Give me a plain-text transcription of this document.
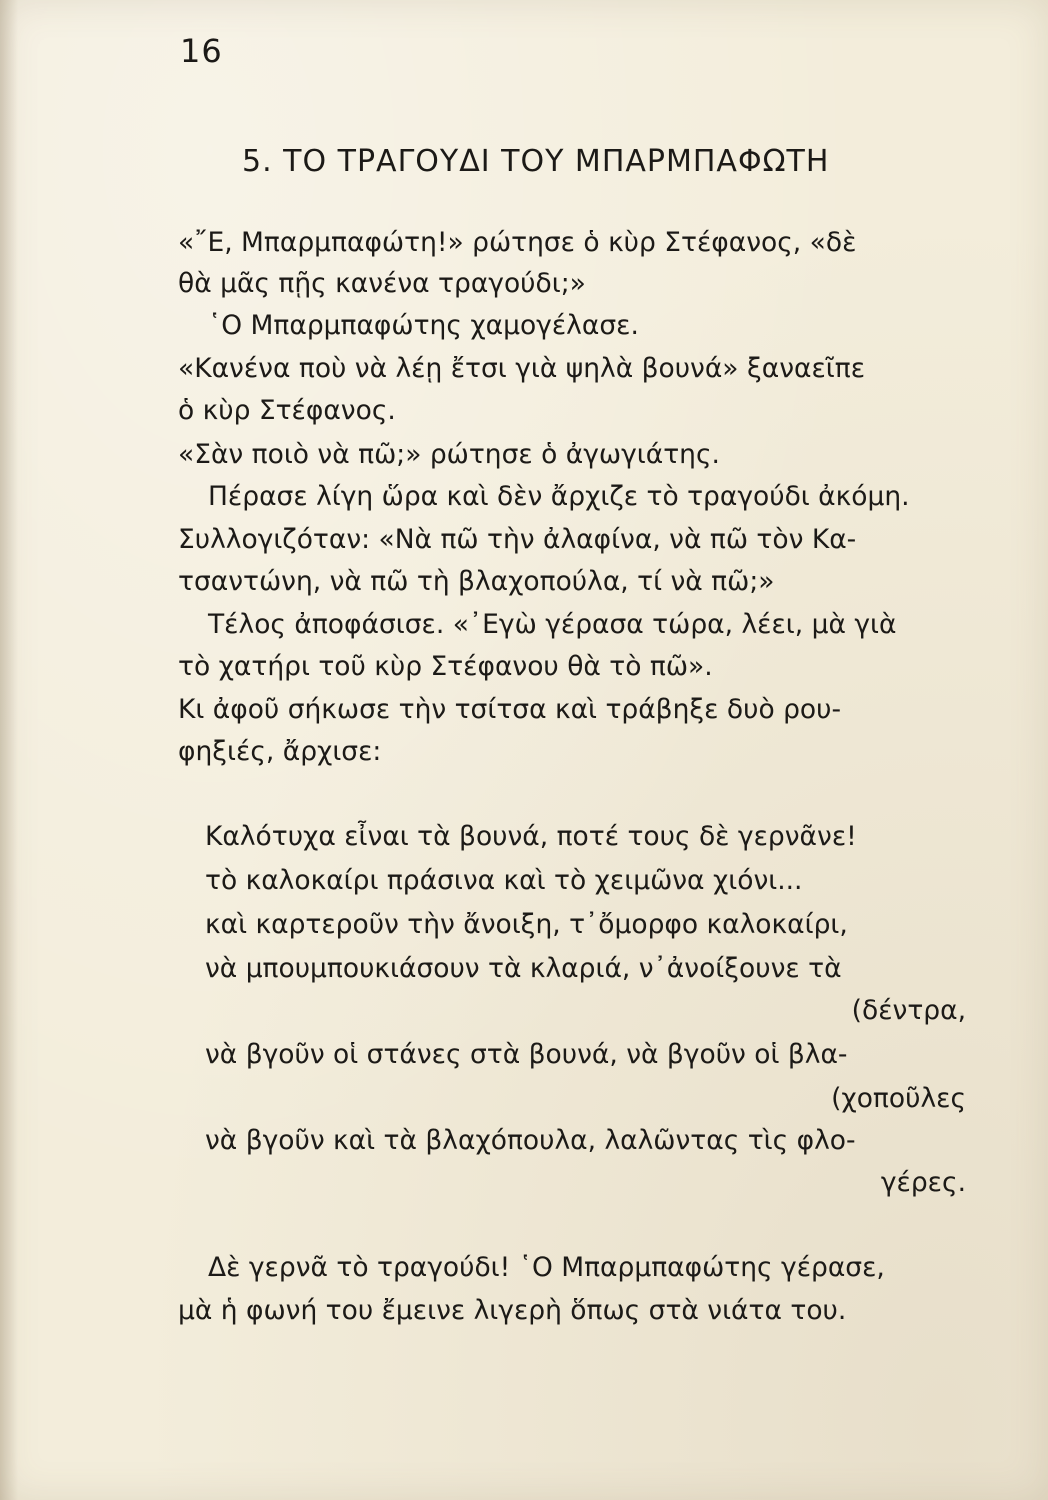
16
5. ΤΟ ΤΡΑΓΟΥΔΙ ΤΟΥ ΜΠΑΡΜΠΑΦΩΤΗ
«῎Ε, Μπαρμπαφώτη!» ρώτησε ὁ κὺρ Στέφανος, «δὲ
θὰ μᾶς πῇς κανένα τραγούδι;»
῾Ο Μπαρμπαφώτης χαμογέλασε.
«Κανένα ποὺ νὰ λέῃ ἔτσι γιὰ ψηλὰ βουνά» ξαναεῖπε
ὁ κὺρ Στέφανος.
«Σὰν ποιὸ νὰ πῶ;» ρώτησε ὁ ἀγωγιάτης.
Πέρασε λίγη ὥρα καὶ δὲν ἄρχιζε τὸ τραγούδι ἀκόμη.
Συλλογιζόταν: «Νὰ πῶ τὴν ἀλαφίνα, νὰ πῶ τὸν Κα-
τσαντώνη, νὰ πῶ τὴ βλαχοπούλα, τί νὰ πῶ;»
Τέλος ἀποφάσισε. «᾿Εγὼ γέρασα τώρα, λέει, μὰ γιὰ
τὸ χατήρι τοῦ κὺρ Στέφανου θὰ τὸ πῶ».
Κι ἀφοῦ σήκωσε τὴν τσίτσα καὶ τράβηξε δυὸ ρου-
φηξιές, ἄρχισε:
Καλότυχα εἶναι τὰ βουνά, ποτέ τους δὲ γερνᾶνε!
τὸ καλοκαίρι πράσινα καὶ τὸ χειμῶνα χιόνι...
καὶ καρτεροῦν τὴν ἄνοιξη, τ᾿ὄμορφο καλοκαίρι,
νὰ μπουμπουκιάσουν τὰ κλαριά, ν᾿ἀνοίξουνε τὰ
(δέντρα,
νὰ βγοῦν οἱ στάνες στὰ βουνά, νὰ βγοῦν οἱ βλα-
(χοποῦλες
νὰ βγοῦν καὶ τὰ βλαχόπουλα, λαλῶντας τὶς φλο-
γέρες.
Δὲ γερνᾶ τὸ τραγούδι! ῾Ο Μπαρμπαφώτης γέρασε,
μὰ ἡ φωνή του ἔμεινε λιγερὴ ὅπως στὰ νιάτα του.
